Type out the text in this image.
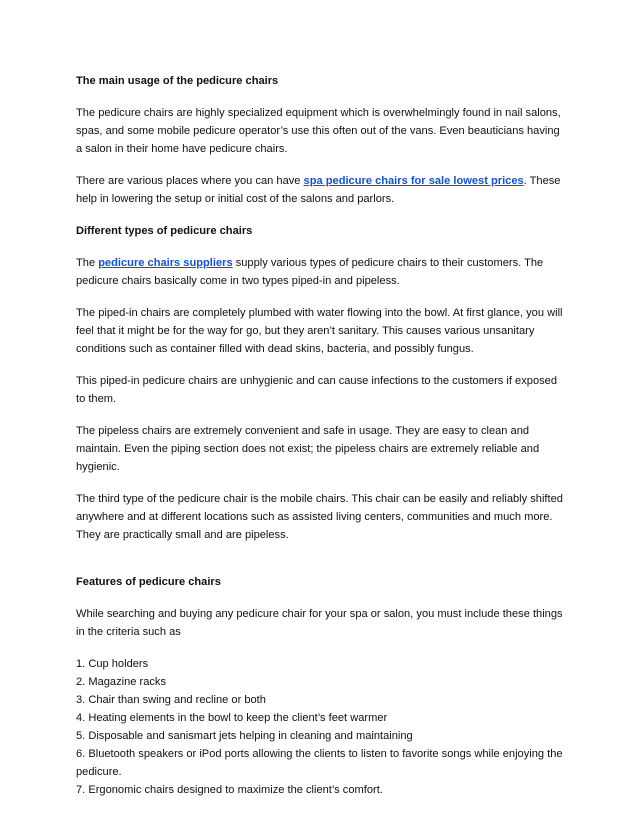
The main usage of the pedicure chairs

The pedicure chairs are highly specialized equipment which is overwhelmingly found in nail salons, spas, and some mobile pedicure operator’s use this often out of the vans. Even beauticians having a salon in their home have pedicure chairs.

There are various places where you can have spa pedicure chairs for sale lowest prices. These help in lowering the setup or initial cost of the salons and parlors.

Different types of pedicure chairs

The pedicure chairs suppliers supply various types of pedicure chairs to their customers. The pedicure chairs basically come in two types piped-in and pipeless.

The piped-in chairs are completely plumbed with water flowing into the bowl. At first glance, you will feel that it might be for the way for go, but they aren’t sanitary. This causes various unsanitary conditions such as container filled with dead skins, bacteria, and possibly fungus.

This piped-in pedicure chairs are unhygienic and can cause infections to the customers if exposed to them.

The pipeless chairs are extremely convenient and safe in usage. They are easy to clean and maintain. Even the piping section does not exist; the pipeless chairs are extremely reliable and hygienic.

The third type of the pedicure chair is the mobile chairs. This chair can be easily and reliably shifted anywhere and at different locations such as assisted living centers, communities and much more. They are practically small and are pipeless.

Features of pedicure chairs

While searching and buying any pedicure chair for your spa or salon, you must include these things in the criteria such as

1. Cup holders
2. Magazine racks
3. Chair than swing and recline or both
4. Heating elements in the bowl to keep the client’s feet warmer
5. Disposable and sanismart jets helping in cleaning and maintaining
6. Bluetooth speakers or iPod ports allowing the clients to listen to favorite songs while enjoying the pedicure.
7. Ergonomic chairs designed to maximize the client’s comfort.
